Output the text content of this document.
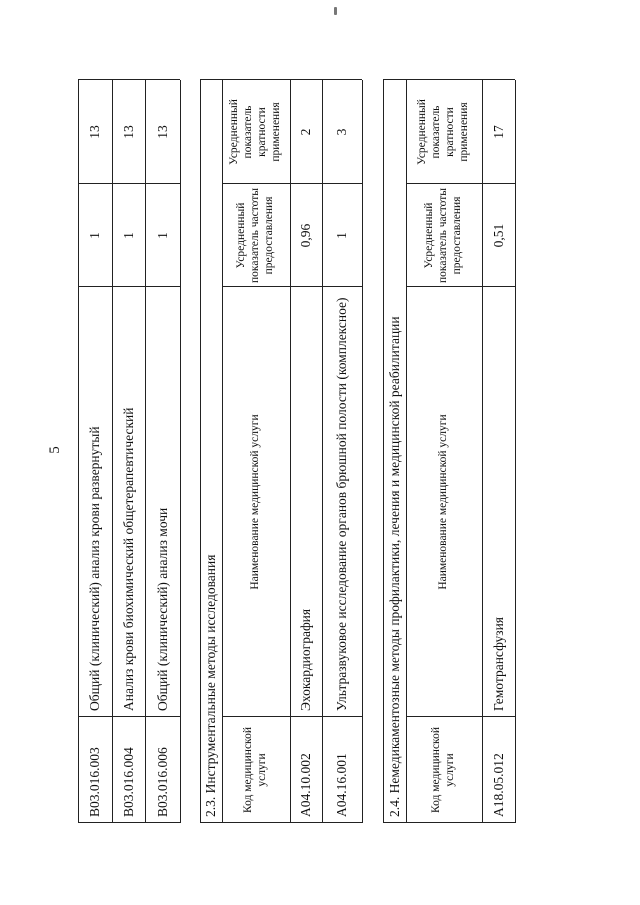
5
B03.016.003
Общий (клинический) анализ крови развернутый
1
13
B03.016.004
Анализ крови биохимический общетерапевтический
1
13
B03.016.006
Общий (клинический) анализ мочи
1
13
2.3. Инструментальные методы исследования	Код медицинской услуги
Наименование медицинской услуги
Усредненный показатель частоты предоставления
Усредненный показатель кратности применения
A04.10.002
Эхокардиография
0,96
2
A04.16.001
Ультразвуковое исследование органов брюшной полости (комплексное)
1
3
2.4. Немедикаментозные методы профилактики, лечения и медицинской реабилитации	Код медицинской услуги
Наименование медицинской услуги
Усредненный показатель частоты предоставления
Усредненный показатель кратности применения
A18.05.012
Гемотрансфузия
0,51
17
